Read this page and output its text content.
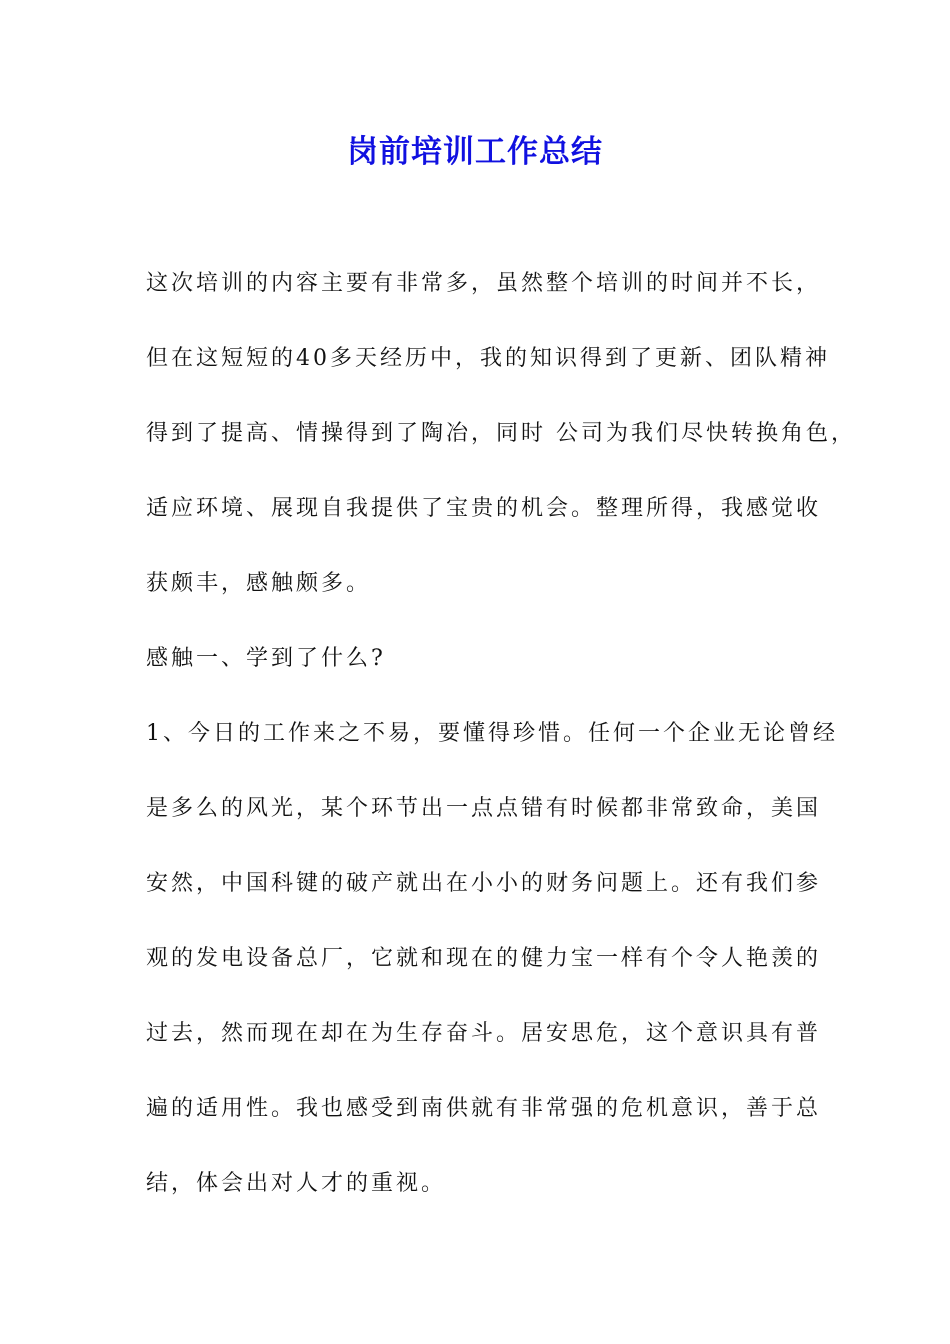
岗前培训工作总结

这次培训的内容主要有非常多，虽然整个培训的时间并不长，

但在这短短的40多天经历中，我的知识得到了更新、团队精神

得到了提高、情操得到了陶冶，同时 公司为我们尽快转换角色，

适应环境、展现自我提供了宝贵的机会。整理所得，我感觉收

获颇丰，感触颇多。

感触一、学到了什么?

1、今日的工作来之不易，要懂得珍惜。任何一个企业无论曾经

是多么的风光，某个环节出一点点错有时候都非常致命，美国

安然，中国科键的破产就出在小小的财务问题上。还有我们参

观的发电设备总厂，它就和现在的健力宝一样有个令人艳羡的

过去，然而现在却在为生存奋斗。居安思危，这个意识具有普

遍的适用性。我也感受到南供就有非常强的危机意识，善于总

结，体会出对人才的重视。
